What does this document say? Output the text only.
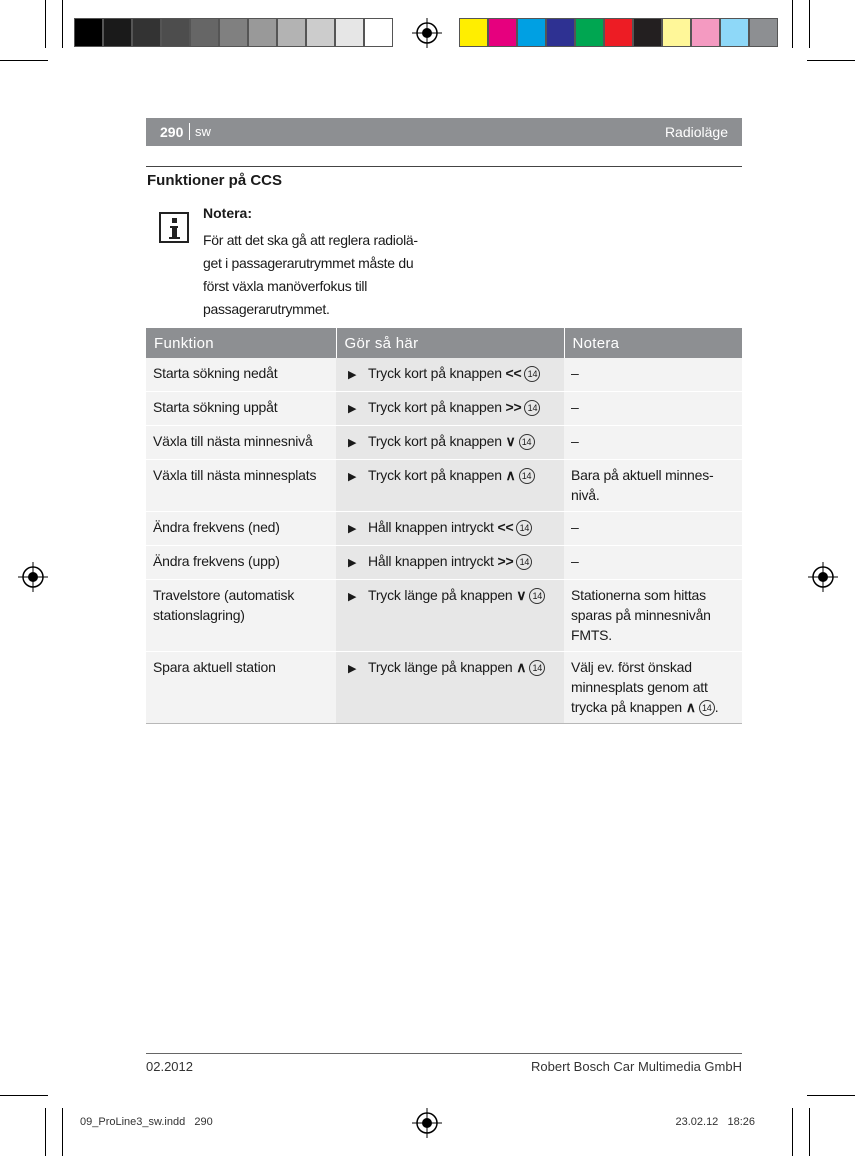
290 sw	Radioläge
Funktioner på CCS
Notera:
För att det ska gå att reglera radiolä-
get i passagerarutrymmet måste du
först växla manöverfokus till
passagerarutrymmet.
Funktion	Gör så här	Notera
Starta sökning nedåt	▶ Tryck kort på knappen << 14	–
Starta sökning uppåt	▶ Tryck kort på knappen >> 14	–
Växla till nästa minnesnivå	▶ Tryck kort på knappen ∨ 14	–
Växla till nästa minnesplats	▶ Tryck kort på knappen ∧ 14	Bara på aktuell minnes-nivå.
Ändra frekvens (ned)	▶ Håll knappen intryckt << 14	–
Ändra frekvens (upp)	▶ Håll knappen intryckt >> 14	–
Travelstore (automatisk stationslagring)	▶ Tryck länge på knappen ∨ 14	Stationerna som hittas sparas på minnesnivån FMTS.
Spara aktuell station	▶ Tryck länge på knappen ∧ 14	Välj ev. först önskad minnesplats genom att trycka på knappen ∧ 14 .
02.2012	Robert Bosch Car Multimedia GmbH
09_ProLine3_sw.indd   290	23.02.12   18:26
